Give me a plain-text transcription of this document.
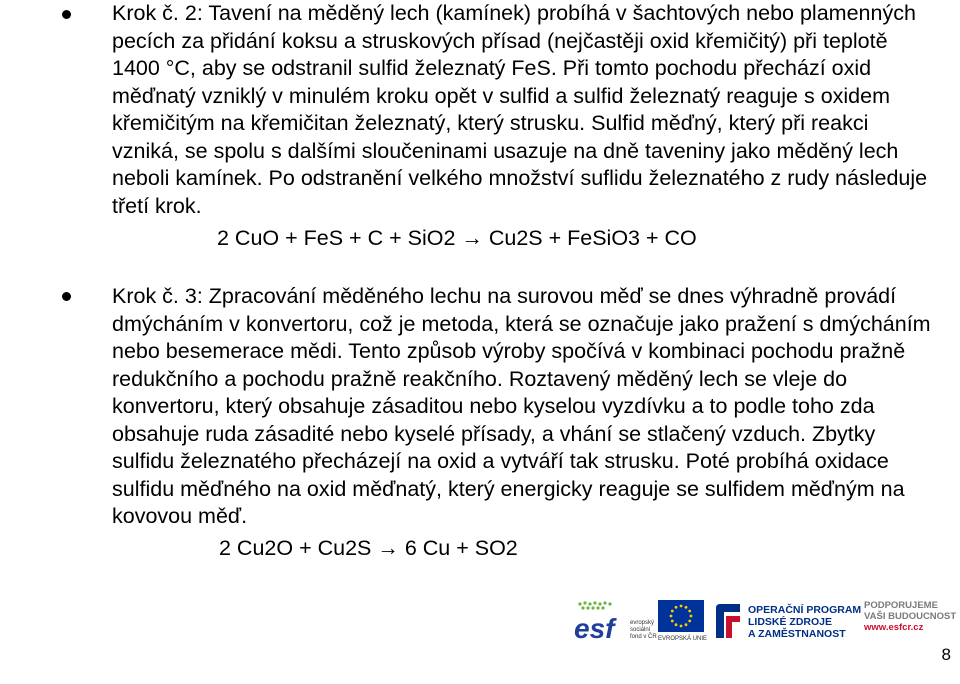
Krok č. 2: Tavení na měděný lech (kamínek) probíhá v šachtových nebo plamenných pecích za přidání koksu a struskových přísad (nejčastěji oxid křemičitý) při teplotě 1400 °C, aby se odstranil sulfid železnatý FeS. Při tomto pochodu přechází oxid měďnatý vzniklý v minulém kroku opět v sulfid a sulfid železnatý reaguje s oxidem křemičitým na křemičitan železnatý, který strusku. Sulfid měďný, který při reakci vzniká, se spolu s dalšími sloučeninami usazuje na dně taveniny jako měděný lech neboli kamínek. Po odstranění velkého množství suflidu železnatého z rudy následuje třetí krok.

2 CuO + FeS + C + SiO2 → Cu2S + FeSiO3 + CO

Krok č. 3: Zpracování měděného lechu na surovou měď se dnes výhradně provádí dmýcháním v konvertoru, což je metoda, která se označuje jako pražení s dmýcháním nebo besemerace mědi. Tento způsob výroby spočívá v kombinaci pochodu pražně redukčního a pochodu pražně reakčního. Roztavený měděný lech se vleje do konvertoru, který obsahuje zásaditou nebo kyselou vyzdívku a to podle toho zda obsahuje ruda zásadité nebo kyselé přísady, a vhání se stlačený vzduch. Zbytky sulfidu železnatého přecházejí na oxid a vytváří tak strusku. Poté probíhá oxidace sulfidu měďného na oxid měďnatý, který energicky reaguje se sulfidem měďným na kovovou měď.

2 Cu2O + Cu2S → 6 Cu + SO2

esf	evropský
sociální
fond v ČR EVROPSKÁ UNIE
OPERAČNÍ PROGRAM
LIDSKÉ ZDROJE
A ZAMĚSTNANOST
PODPORUJEME
VAŠI BUDOUCNOST
www.esfcr.cz
8
